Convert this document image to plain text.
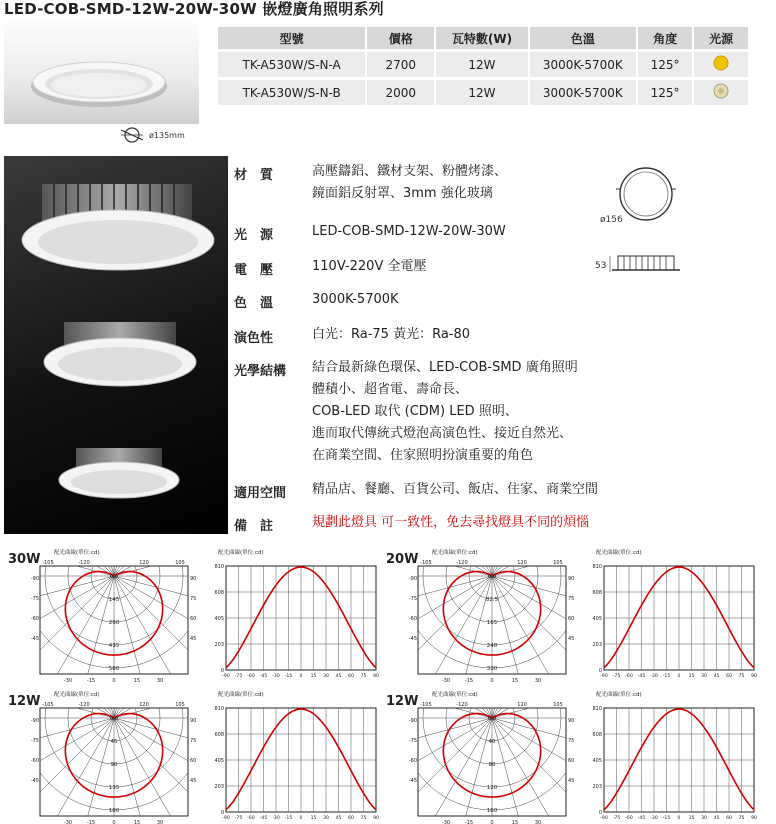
LED-COB-SMD-12W-20W-30W 嵌燈廣角照明系列
ø135mm
型號	價格	瓦特數(W)	色溫	角度	光源
TK-A530W/S-N-A	2700	12W	3000K-5700K	125°	
TK-A530W/S-N-B	2000	12W	3000K-5700K	125°	
材　質	高壓鑄鋁、鐵材支架、粉體烤漆、
鏡面鋁反射罩、3mm 強化玻璃
光　源	LED-COB-SMD-12W-20W-30W
電　壓	110V-220V 全電壓
色　溫	3000K-5700K
演色性	白光：Ra-75 黃光：Ra-80
光學結構	結合最新綠色環保、LED-COB-SMD 廣角照明
體積小、超省電、壽命長、
COB-LED 取代 (CDM) LED 照明、
進而取代傳統式燈泡高演色性、接近自然光、
在商業空間、住家照明扮演重要的角色
適用空間	精品店、餐廳、百貨公司、飯店、住家、商業空間
備　註	規劃此燈具 可一致性，免去尋找燈具不同的煩惱
ø156
53
30W 配光曲線(單位:cd)
0.0
145
290
435
580
-105	-120	120	105
-90
-75
-60
-45
90
75
60
45
-30	-15	0	15	30
配光曲線(單位:cd)
810
608
405
203
0
-90 -75 -60 -45 -30 -15 0 15 30 45 60 75 90
20W 配光曲線(單位:cd)
0.0
82.5
165
248
330
-105	-120	120	105
-90
-75
-60
-45
90
75
60
45
-30	-15	0	15	30
配光曲線(單位:cd)
810
608
405
203
0
-90 -75 -60 -45 -30 -15 0 15 30 45 60 75 90
12W 配光曲線(單位:cd)
0.0
45
90
135
180
-105	-120	120	105
-90
-75
-60
-45
90
75
60
45
-30	-15	0	15	30
配光曲線(單位:cd)
810
608
405
203
0
-90 -75 -60 -45 -30 -15 0 15 30 45 60 75 90
12W 配光曲線(單位:cd)
0.0
40
80
120
160
-105	-120	120	105
-90
-75
-60
-45
90
75
60
45
-30	-15	0	15	30
配光曲線(單位:cd)
810
608
405
203
0
-90 -75 -60 -45 -30 -15 0 15 30 45 60 75 90
